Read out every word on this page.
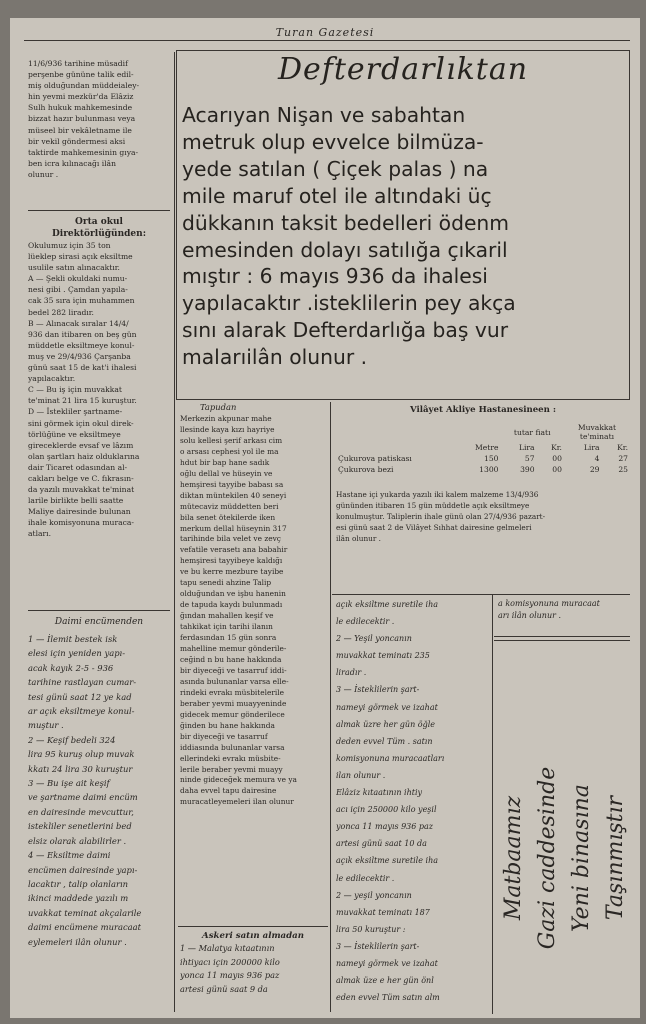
Turan Gazetesi
11/6/936 tarihine müsadif
perşenbe gününe talik edil-
miş olduğundan müddeialey-
hin yevmi mezkür'da Elâziz
Sulh hukuk mahkemesinde
bizzat hazır bulunması veya
müseel bir vekâletname ile
bir vekil göndermesi aksi
taktirde mahkemesinin gıya-
ben icra kılınacağı ilân
olunur .
Orta okul
Direktörlüğünden:
Okulumuz için 35 ton
lüeklep sirasi açık eksiltme
usulile satın alınacaktır.
A — Şekli okuldaki numu-
nesi gibi . Çamdan yapıla-
cak 35 sıra için muhammen
bedel 282 liradır.
B — Alınacak sıralar 14/4/
936 dan itibaren on beş gün
müddetle eksiltmeye konul-
muş ve 29/4/936 Çarşanba
günü saat 15 de kat'i ihalesi
yapılacaktır.
C — Bu iş için muvakkat
te'minat 21 lira 15 kuruştur.
D — İstekliler şartname-
sini görmek için okul direk-
törlüğüne ve eksiltmeye
gireceklerde evsaf ve lâzım
olan şartları haiz olduklarına
dair Ticaret odasından al-
cakları belge ve C. fıkrasın-
da yazılı muvakkat te'minat
larile birlikte belli saatte
Maliye dairesinde bulunan
ihale komisyonuna muraca-
atları.
Daimi encümenden
1 — İlemit bestek isk
elesi için yeniden yapı-
acak kayık 2-5 - 936
tarihine rastlayan cumar-
tesi günü saat 12 ye kad
ar açık eksiltmeye konul-
muştur .
2 — Keşif bedeli 324
lira 95 kuruş olup muvak
kkatı 24 lira 30 kuruştur
3 — Bu işe ait keşif
ve şartname daimi encüm
en dairesinde mevcuttur,
istekliler senetlerini bed
elsiz olarak alabilirler .
4 — Eksiltme daimi
encümen dairesinde yapı-
lacaktır , talip olanların
ikinci maddede yazılı m
uvakkat teminat akçalarile
daimi encümene muracaat
eylemeleri ilân olunur .
Defterdarlıktan
Acarıyan Nişan ve sabahtan
metruk olup evvelce bilmüza-
yede satılan ( Çiçek palas ) na
mile maruf otel ile altındaki üç
dükkanın taksit bedelleri ödenm
emesinden dolayı satılığa çıkaril
mıştır : 6 mayıs 936 da ihalesi
yapılacaktır .isteklilerin pey akça
sını alarak Defterdarlığa baş vur
malarıilân olunur .
Tapudan
Merkezin akpunar mahe
llesinde kaya kızı hayriye
solu kellesi şerif arkası cim
o arsası cephesi yol ile ma
hdut bir bap hane sadık
oğlu dellal ve hüseyin ve
hemşiresi tayyibe babası sa
diktan müntekilen 40 seneyi
mütecaviz müddetten beri
bila senet ötekilerde iken
merkum dellal hüseynin 317
tarihinde bila velet ve zevç
vefatile verasetı ana babahir
hemşiresi tayyibeye kaldığı
ve bu kerre mezbure tayibe
tapu senedi ahzine Talip
olduğundan ve işbu hanenin
de tapuda kaydı bulunmadı
ğından mahallen keşif ve
tahkikat için tarihi ilanın
ferdasından 15 gün sonra
mahelline memur gönderile-
ceğind n bu hane hakkında
bir diyeceği ve tasarruf iddi-
asında bulunanlar varsa elle-
rindeki evrakı müsbitelerile
beraber yevmi muayyeninde
gidecek memur gönderilece
ğinden bu hane hakkında
bir diyeceği ve tasarruf
iddiasında bulunanlar varsa
ellerindeki evrakı müsbite-
lerile beraber yevmi muayy
ninde gideceğek memura ve ya
daha evvel tapu dairesine
muracatleyemeleri ilan olunur
Askeri satın almadan
1 — Malatya kıtaatının
ihtiyacı için 200000 kilo
yonca 11 mayıs 936 paz
artesi günü saat 9 da
Vilâyet Akliye Hastanesineen :
		tutar fiatı		Muvakkat
te'minatı	
	Metre	Lira	Kr.	Lira	Kr.
Çukurova patiskası	150	57	00	4	27
Çukurova bezi	1300	390	00	29	25
Hastane içi yukarda yazılı iki kalem malzeme 13/4/936
gününden itibaren 15 gün müddetle açık eksiltmeye
konulmuştur. Taliplerin ihale günü olan 27/4/936 pazart-
esi günü saat 2 de Vilâyet Sıhhat dairesine gelmeleri
ilân olunur .
açık eksiltme suretile iha
le edilecektir .
2 — Yeşil yoncanın
muvakkat teminatı 235
liradır .
3 — İsteklilerin şart-
nameyi görmek ve izahat
almak üzre her gün öğle
deden evvel Tüm . satın
komisyonuna muracaatları
ilan olunur .
Elâziz kıtaatının ihtiy
acı için 250000 kilo yeşil
yonca 11 mayıs 936 paz
artesi günü saat 10 da
açık eksiltme suretile iha
le edilecektir .
2 — yeşil yoncanın
muvakkat teminatı 187
lira 50 kuruştur :
3 — İsteklilerin şart-
nameyi görmek ve izahat
almak üze e her gün önl
eden evvel Tüm satın alm
a komisyonuna muracaat
arı ilân olunur .
Matbaamız Gazi caddesinde Yeni binasına Taşınmıştır
